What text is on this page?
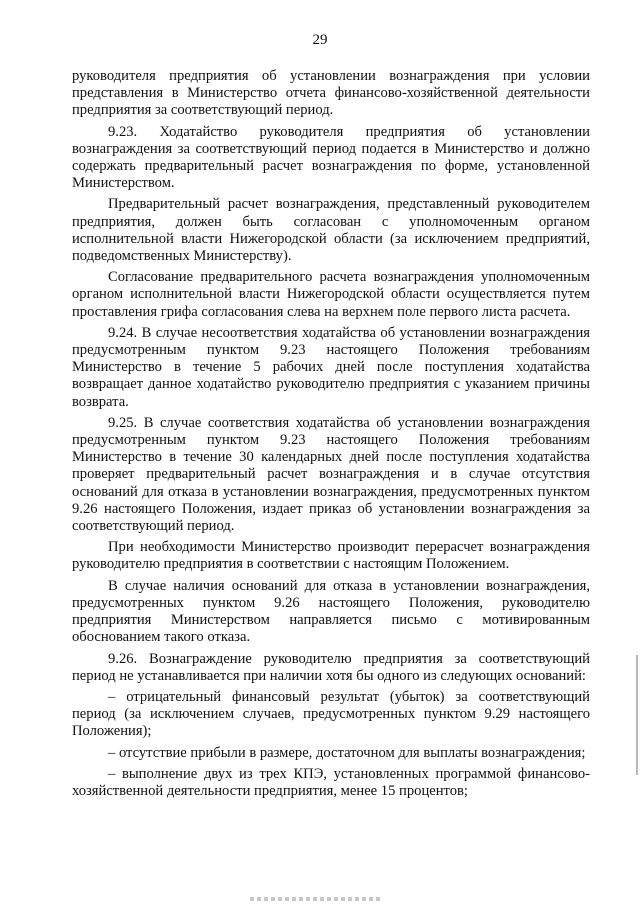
29

руководителя предприятия об установлении вознаграждения при условии представления в Министерство отчета финансово-хозяйственной деятельности предприятия за соответствующий период.

9.23. Ходатайство руководителя предприятия об установлении вознаграждения за соответствующий период подается в Министерство и должно содержать предварительный расчет вознаграждения по форме, установленной Министерством.

Предварительный расчет вознаграждения, представленный руководителем предприятия, должен быть согласован с уполномоченным органом исполнительной власти Нижегородской области (за исключением предприятий, подведомственных Министерству).

Согласование предварительного расчета вознаграждения уполномоченным органом исполнительной власти Нижегородской области осуществляется путем проставления грифа согласования слева на верхнем поле первого листа расчета.

9.24. В случае несоответствия ходатайства об установлении вознаграждения предусмотренным пунктом 9.23 настоящего Положения требованиям Министерство в течение 5 рабочих дней после поступления ходатайства возвращает данное ходатайство руководителю предприятия с указанием причины возврата.

9.25. В случае соответствия ходатайства об установлении вознаграждения предусмотренным пунктом 9.23 настоящего Положения требованиям Министерство в течение 30 календарных дней после поступления ходатайства проверяет предварительный расчет вознаграждения и в случае отсутствия оснований для отказа в установлении вознаграждения, предусмотренных пунктом 9.26 настоящего Положения, издает приказ об установлении вознаграждения за соответствующий период.

При необходимости Министерство производит перерасчет вознаграждения руководителю предприятия в соответствии с настоящим Положением.

В случае наличия оснований для отказа в установлении вознаграждения, предусмотренных пунктом 9.26 настоящего Положения, руководителю предприятия Министерством направляется письмо с мотивированным обоснованием такого отказа.

9.26. Вознаграждение руководителю предприятия за соответствующий период не устанавливается при наличии хотя бы одного из следующих оснований:

– отрицательный финансовый результат (убыток) за соответствующий период (за исключением случаев, предусмотренных пунктом 9.29 настоящего Положения);

– отсутствие прибыли в размере, достаточном для выплаты вознаграждения;

– выполнение двух из трех КПЭ, установленных программой финансово-хозяйственной деятельности предприятия, менее 15 процентов;
